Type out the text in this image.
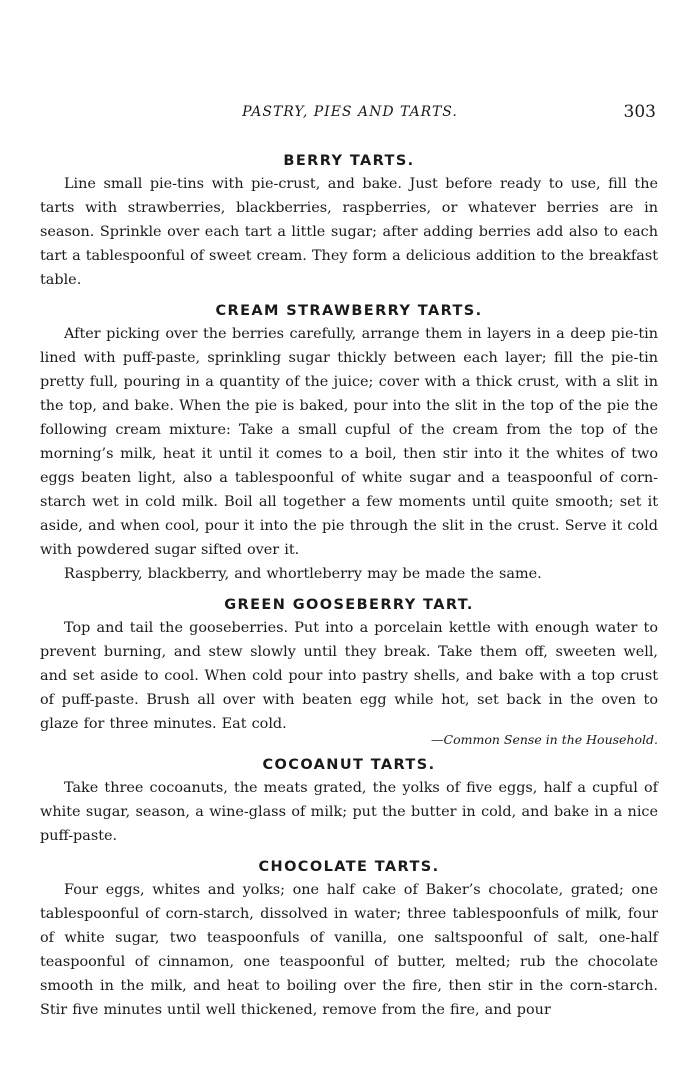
PASTRY, PIES AND TARTS.	303
BERRY TARTS.

Line small pie-tins with pie-crust, and bake. Just before ready to use, fill the tarts with strawberries, blackberries, raspberries, or whatever berries are in season. Sprinkle over each tart a little sugar; after adding berries add also to each tart a tablespoonful of sweet cream. They form a delicious addition to the breakfast table.

CREAM STRAWBERRY TARTS.

After picking over the berries carefully, arrange them in layers in a deep pie-tin lined with puff-paste, sprinkling sugar thickly between each layer; fill the pie-tin pretty full, pouring in a quantity of the juice; cover with a thick crust, with a slit in the top, and bake. When the pie is baked, pour into the slit in the top of the pie the following cream mixture: Take a small cupful of the cream from the top of the morning’s milk, heat it until it comes to a boil, then stir into it the whites of two eggs beaten light, also a tablespoonful of white sugar and a teaspoonful of corn-starch wet in cold milk. Boil all together a few moments until quite smooth; set it aside, and when cool, pour it into the pie through the slit in the crust. Serve it cold with powdered sugar sifted over it.

Raspberry, blackberry, and whortleberry may be made the same.

GREEN GOOSEBERRY TART.

Top and tail the gooseberries. Put into a porcelain kettle with enough water to prevent burning, and stew slowly until they break. Take them off, sweeten well, and set aside to cool. When cold pour into pastry shells, and bake with a top crust of puff-paste. Brush all over with beaten egg while hot, set back in the oven to glaze for three minutes. Eat cold.

—Common Sense in the Household.
COCOANUT TARTS.

Take three cocoanuts, the meats grated, the yolks of five eggs, half a cupful of white sugar, season, a wine-glass of milk; put the butter in cold, and bake in a nice puff-paste.

CHOCOLATE TARTS.

Four eggs, whites and yolks; one half cake of Baker’s chocolate, grated; one tablespoonful of corn-starch, dissolved in water; three tablespoonfuls of milk, four of white sugar, two teaspoonfuls of vanilla, one saltspoonful of salt, one-half teaspoonful of cinnamon, one teaspoonful of butter, melted; rub the chocolate smooth in the milk, and heat to boiling over the fire, then stir in the corn-starch. Stir five minutes until well thickened, remove from the fire, and pour
